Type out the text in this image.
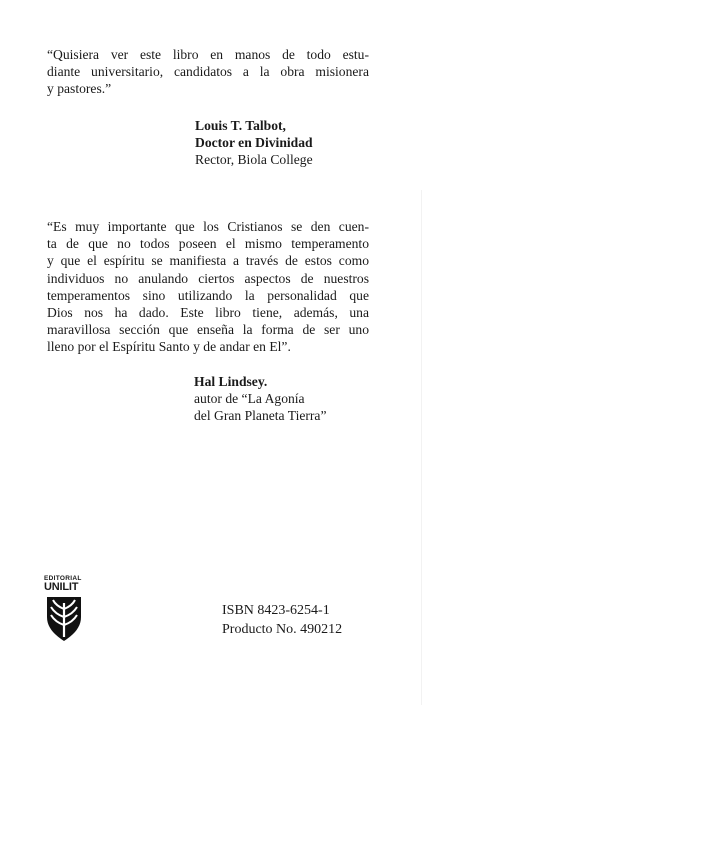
“Quisiera ver este libro en manos de todo estu-
diante universitario, candidatos a la obra misionera
y pastores.”
Louis T. Talbot,
Doctor en Divinidad
Rector, Biola College
“Es muy importante que los Cristianos se den cuen-
ta de que no todos poseen el mismo temperamento
y que el espíritu se manifiesta a través de estos como
individuos no anulando ciertos aspectos de nuestros
temperamentos sino utilizando la personalidad que
Dios nos ha dado. Este libro tiene, además, una
maravillosa sección que enseña la forma de ser uno
lleno por el Espíritu Santo y de andar en El”.
Hal Lindsey.
autor de “La Agonía
del Gran Planeta Tierra”
EDITORIAL
UNILIT
ISBN 8423-6254-1
Producto No. 490212
